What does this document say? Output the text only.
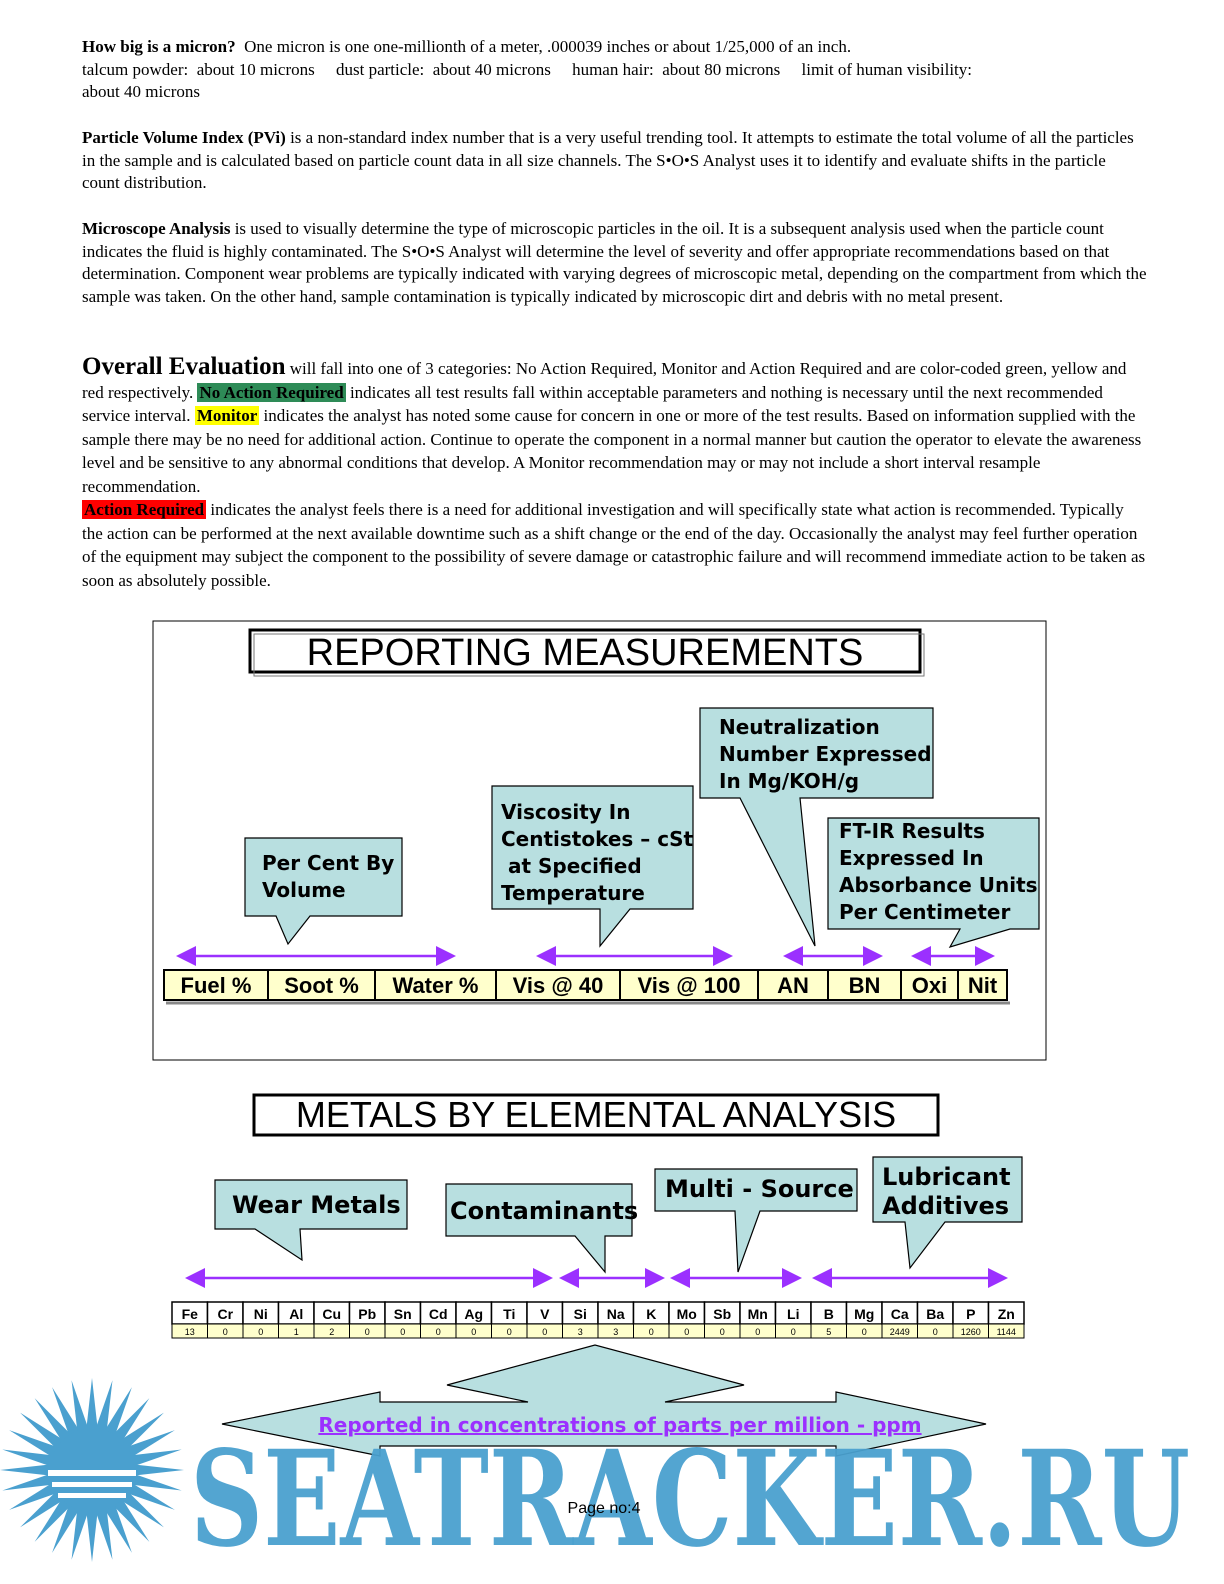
How big is a micron? One micron is one one-millionth of a meter, .000039 inches or about 1/25,000 of an inch.
talcum powder:  about 10 microns     dust particle:  about 40 microns     human hair:  about 80 microns     limit of human visibility:
about 40 microns
Particle Volume Index (PVi) is a non-standard index number that is a very useful trending tool. It attempts to estimate the total volume of all the particles in the sample and is calculated based on particle count data in all size channels. The S•O•S Analyst uses it to identify and evaluate shifts in the particle count distribution.
Microscope Analysis is used to visually determine the type of microscopic particles in the oil. It is a subsequent analysis used when the particle count indicates the fluid is highly contaminated. The S•O•S Analyst will determine the level of severity and offer appropriate recommendations based on that determination. Component wear problems are typically indicated with varying degrees of microscopic metal, depending on the compartment from which the sample was taken. On the other hand, sample contamination is typically indicated by microscopic dirt and debris with no metal present.
Overall Evaluation will fall into one of 3 categories: No Action Required, Monitor and Action Required and are color-coded green, yellow and red respectively. No Action Required indicates all test results fall within acceptable parameters and nothing is necessary until the next recommended service interval. Monitor indicates the analyst has noted some cause for concern in one or more of the test results. Based on information supplied with the sample there may be no need for additional action. Continue to operate the component in a normal manner but caution the operator to elevate the awareness level and be sensitive to any abnormal conditions that develop. A Monitor recommendation may or may not include a short interval resample recommendation.
Action Required indicates the analyst feels there is a need for additional investigation and will specifically state what action is recommended. Typically the action can be performed at the next available downtime such as a shift change or the end of the day. Occasionally the analyst may feel further operation of the equipment may subject the component to the possibility of severe damage or catastrophic failure and will recommend immediate action to be taken as soon as absolutely possible.
REPORTING MEASUREMENTS
Per Cent By
Volume
Viscosity In
Centistokes – cSt
at Specified
Temperature
Neutralization
Number Expressed
In Mg/KOH/g
FT-IR Results
Expressed In
Absorbance Units
Per Centimeter
Fuel % Soot % Water % Vis @ 40 Vis @ 100 AN BN Oxi Nit
METALS BY ELEMENTAL ANALYSIS
Wear Metals Contaminants
Multi - Source Lubricant
Additives
Fe
13
Cr
0
Ni
0
Al
1
Cu
2
Pb
0
Sn
0
Cd
0
Ag
0
Ti
0
V
0
Si
3
Na
3
K
0
Mo
0
Sb
0
Mn
0
Li
0
B
5
Mg
0
Ca
2449
Ba
0
P
1260
Zn
1144
Reported in concentrations of parts per million - ppm
SEATRACKER.RU
Page no:4
